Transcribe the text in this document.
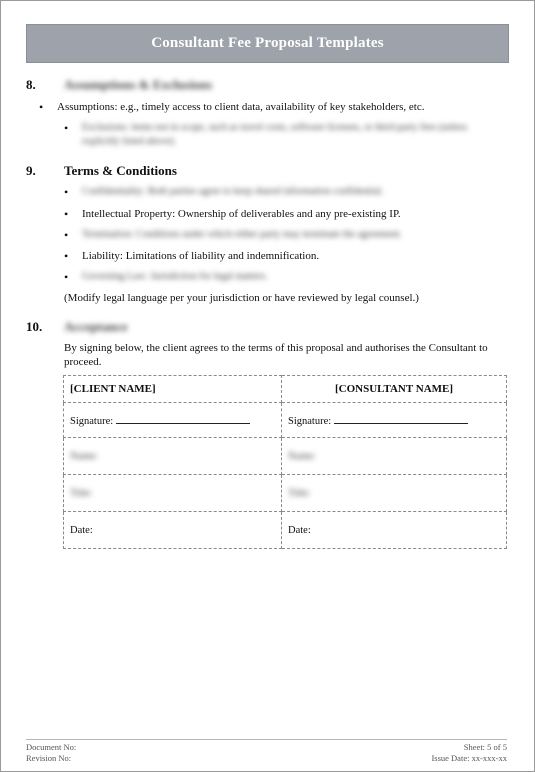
Consultant Fee Proposal Templates
8. Assumptions & Exclusions
• Assumptions: e.g., timely access to client data, availability of key stakeholders, etc.
• Exclusions: items not in scope, such as travel costs, software licenses, or third-party fees (unless explicitly listed above).
9. Terms & Conditions
• Confidentiality: Both parties agree to keep shared information confidential.
• Intellectual Property: Ownership of deliverables and any pre-existing IP.
• Termination: Conditions under which either party may terminate the agreement.
• Liability: Limitations of liability and indemnification.
• Governing Law: Jurisdiction for legal matters.
(Modify legal language per your jurisdiction or have reviewed by legal counsel.)
10. Acceptance
By signing below, the client agrees to the terms of this proposal and authorises the Consultant to proceed.
[CLIENT NAME]	[CONSULTANT NAME]
Signature:	Signature:
Name:	Name:
Title:	Title:
Date:	Date:
Document No:
Revision No:
Sheet: 5 of 5
Issue Date: xx-xxx-xx
